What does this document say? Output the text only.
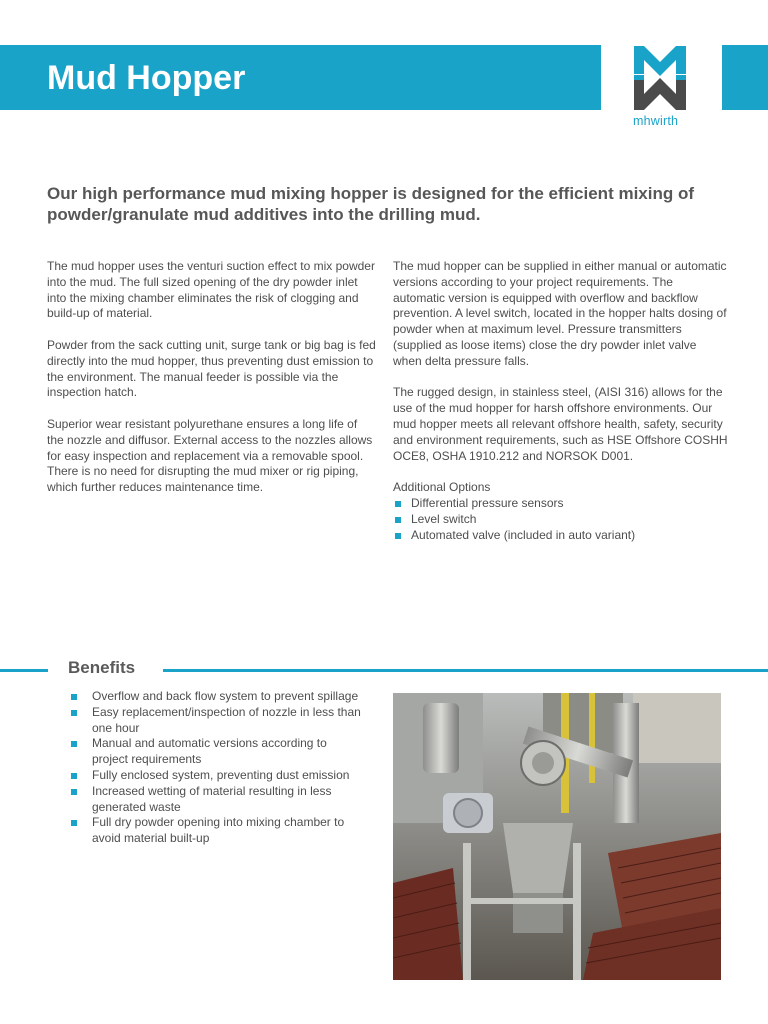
Mud Hopper
mhwirth

Our high performance mud mixing hopper is designed for the efficient mixing of powder/granulate mud additives into the drilling mud.

The mud hopper uses the venturi suction effect to mix powder into the mud. The full sized opening of the dry powder inlet into the mixing chamber eliminates the risk of clogging and build-up of material.

Powder from the sack cutting unit, surge tank or big bag is fed directly into the mud hopper, thus preventing dust emission to the environment. The manual feeder is possible via the inspection hatch.

Superior wear resistant polyurethane ensures a long life of the nozzle and diffusor. External access to the nozzles allows for easy inspection and replacement via a removable spool. There is no need for disrupting the mud mixer or rig piping, which further reduces maintenance time.

The mud hopper can be supplied in either manual or automatic versions according to your project requirements. The automatic version is equipped with overflow and backflow prevention. A level switch, located in the hopper halts dosing of powder when at maximum level. Pressure transmitters (supplied as loose items) close the dry powder inlet valve when delta pressure falls.

The rugged design, in stainless steel, (AISI 316) allows for the use of the mud hopper for harsh offshore environments. Our mud hopper meets all relevant offshore health, safety, security and environment requirements, such as HSE Offshore COSHH OCE8, OSHA 1910.212 and NORSOK D001.

Additional Options
Differential pressure sensors
Level switch
Automated valve (included in auto variant)
Benefits
Overflow and back flow system to prevent spillage
Easy replacement/inspection of nozzle in less than one hour
Manual and automatic versions according to project requirements
Fully enclosed system, preventing dust emission
Increased wetting of material resulting in less generated waste
Full dry powder opening into mixing chamber to avoid material built-up
